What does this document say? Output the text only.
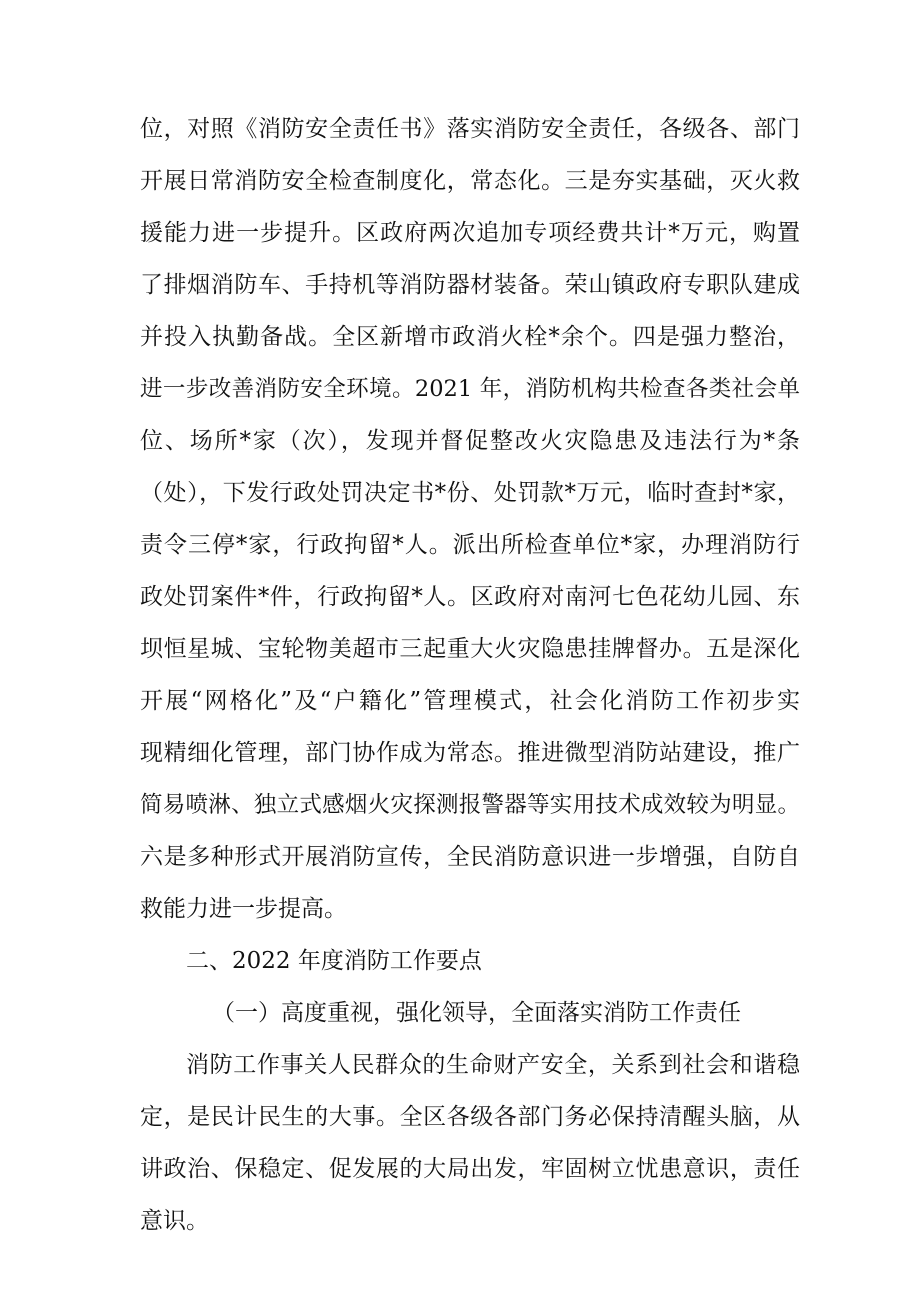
位，对照《消防安全责任书》落实消防安全责任，各级各、部门
开展日常消防安全检查制度化，常态化。三是夯实基础，灭火救
援能力进一步提升。区政府两次追加专项经费共计*万元，购置
了排烟消防车、手持机等消防器材装备。荣山镇政府专职队建成
并投入执勤备战。全区新增市政消火栓*余个。四是强力整治，
进一步改善消防安全环境。2021 年，消防机构共检查各类社会单
位、场所*家（次），发现并督促整改火灾隐患及违法行为*条
（处），下发行政处罚决定书*份、处罚款*万元，临时查封*家，
责令三停*家，行政拘留*人。派出所检查单位*家，办理消防行
政处罚案件*件，行政拘留*人。区政府对南河七色花幼儿园、东
坝恒星城、宝轮物美超市三起重大火灾隐患挂牌督办。五是深化
开展“网格化”及“户籍化”管理模式，社会化消防工作初步实
现精细化管理，部门协作成为常态。推进微型消防站建设，推广
简易喷淋、独立式感烟火灾探测报警器等实用技术成效较为明显。
六是多种形式开展消防宣传，全民消防意识进一步增强，自防自
救能力进一步提高。
二、2022 年度消防工作要点
（一）高度重视，强化领导，全面落实消防工作责任
消防工作事关人民群众的生命财产安全，关系到社会和谐稳
定，是民计民生的大事。全区各级各部门务必保持清醒头脑，从
讲政治、保稳定、促发展的大局出发，牢固树立忧患意识，责任
意识。
